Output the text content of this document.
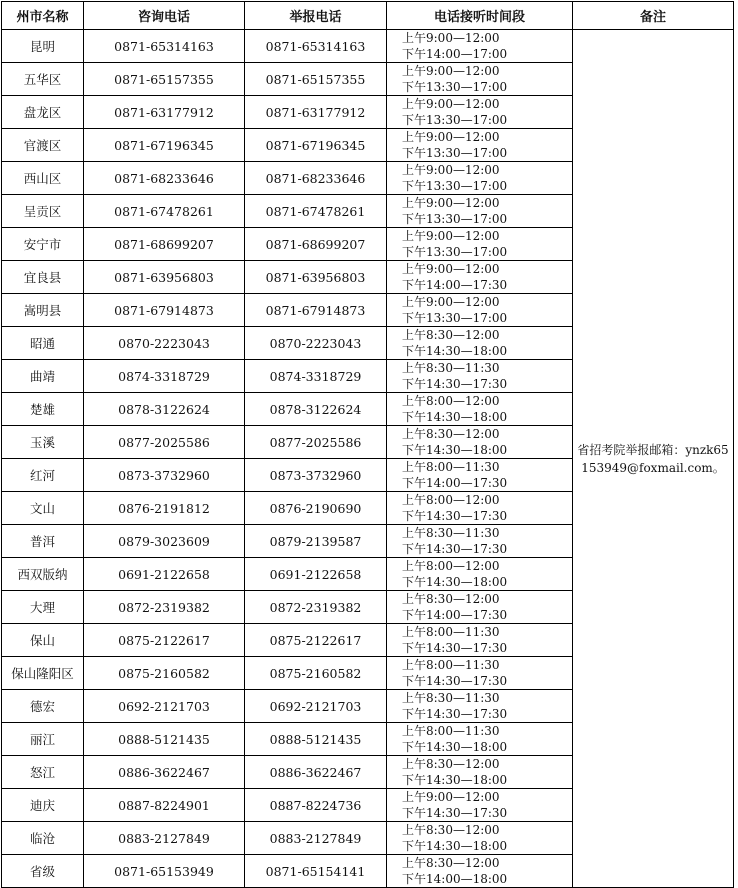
州市名称	咨询电话	举报电话	电话接听时间段	备注
昆明	0871-65314163	0871-65314163	上午9:00—12:00
下午14:00—17:00	省招考院举报邮箱：ynzk65153949@foxmail.com。
五华区	0871-65157355	0871-65157355	上午9:00—12:00
下午13:30—17:00	

盘龙区	0871-63177912	0871-63177912	上午9:00—12:00
下午13:30—17:00	

官渡区	0871-67196345	0871-67196345	上午9:00—12:00
下午13:30—17:00	

西山区	0871-68233646	0871-68233646	上午9:00—12:00
下午13:30—17:00	

呈贡区	0871-67478261	0871-67478261	上午9:00—12:00
下午13:30—17:00	

安宁市	0871-68699207	0871-68699207	上午9:00—12:00
下午13:30—17:00	

宜良县	0871-63956803	0871-63956803	上午9:00—12:00
下午14:00—17:30	

嵩明县	0871-67914873	0871-67914873	上午9:00—12:00
下午13:30—17:00	

昭通	0870-2223043	0870-2223043	上午8:30—12:00
下午14:30—18:00	

曲靖	0874-3318729	0874-3318729	上午8:30—11:30
下午14:30—17:30	

楚雄	0878-3122624	0878-3122624	上午8:00—12:00
下午14:30—18:00	

玉溪	0877-2025586	0877-2025586	上午8:30—12:00
下午14:30—18:00	

红河	0873-3732960	0873-3732960	上午8:00—11:30
下午14:00—17:30	

文山	0876-2191812	0876-2190690	上午8:00—12:00
下午14:30—17:30	

普洱	0879-3023609	0879-2139587	上午8:30—11:30
下午14:30—17:30	

西双版纳	0691-2122658	0691-2122658	上午8:00—12:00
下午14:30—18:00	

大理	0872-2319382	0872-2319382	上午8:30—12:00
下午14:00—17:30	

保山	0875-2122617	0875-2122617	上午8:00—11:30
下午14:30—17:30	

保山隆阳区	0875-2160582	0875-2160582	上午8:00—11:30
下午14:30—17:30	

德宏	0692-2121703	0692-2121703	上午8:30—11:30
下午14:30—17:30	

丽江	0888-5121435	0888-5121435	上午8:00—11:30
下午14:30—18:00	

怒江	0886-3622467	0886-3622467	上午8:30—12:00
下午14:30—18:00	

迪庆	0887-8224901	0887-8224736	上午9:00—12:00
下午14:30—17:30	

临沧	0883-2127849	0883-2127849	上午8:30—12:00
下午14:30—18:00	

省级	0871-65153949	0871-65154141	上午8:30—12:00
下午14:00—18:00	
